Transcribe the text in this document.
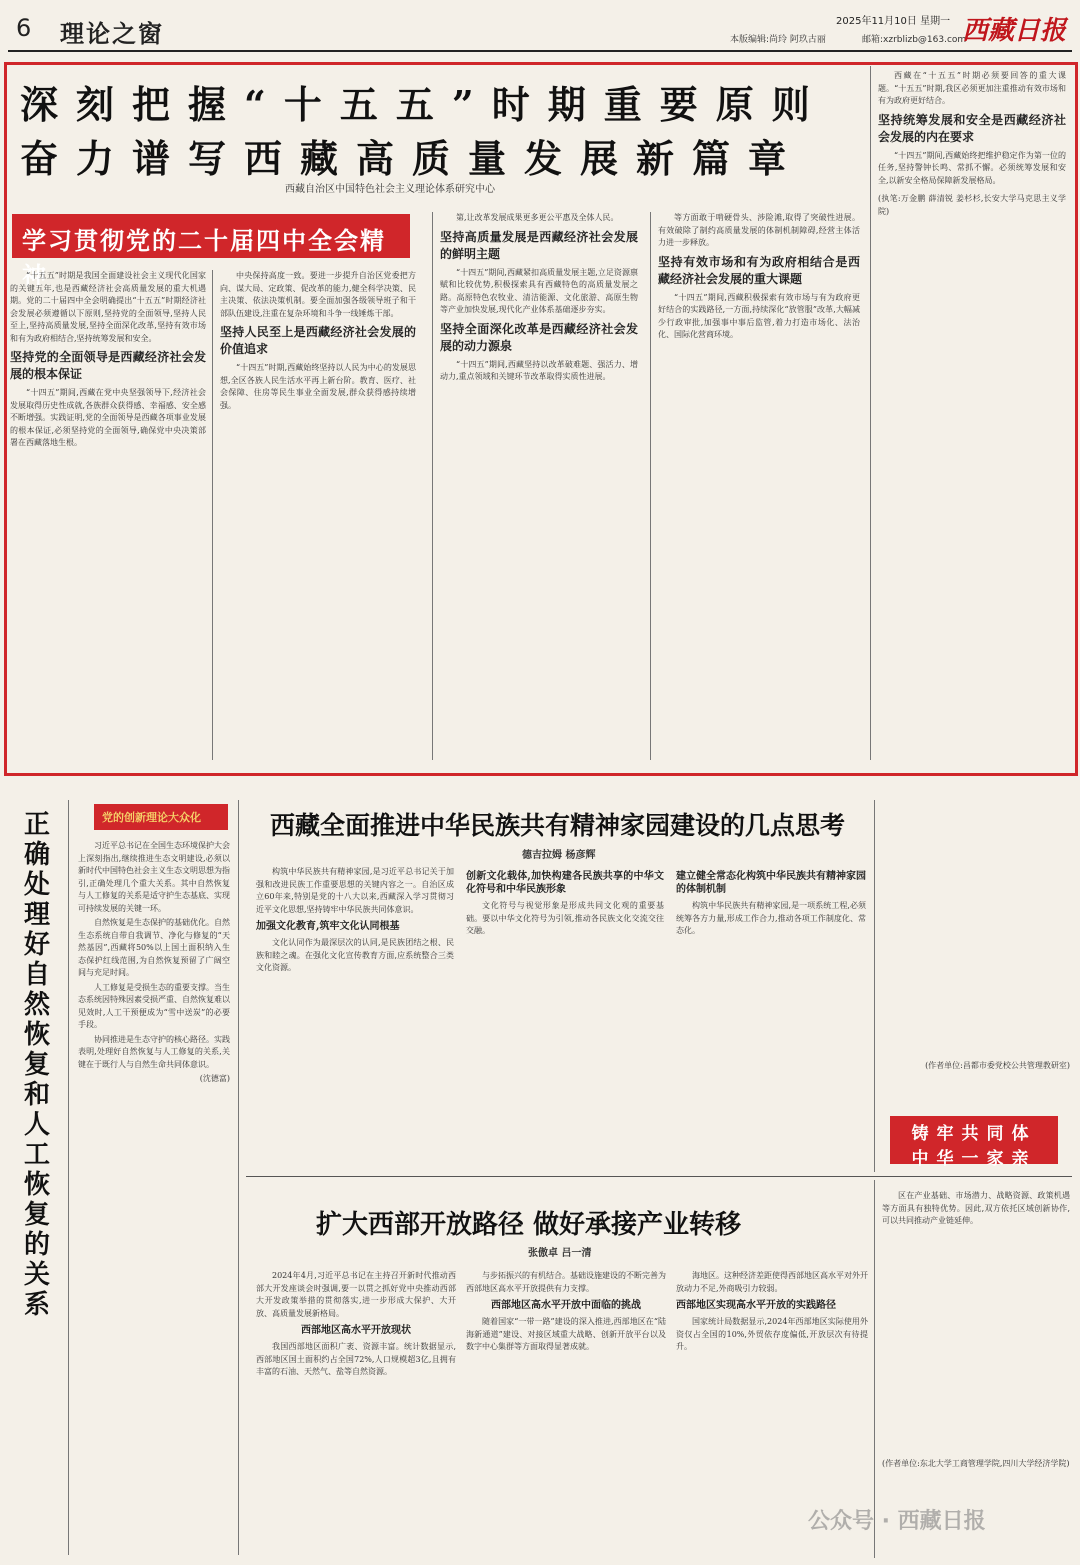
6 理论之窗	2025年11月10日 星期一
本版编辑:尚玲 阿玖古丽	邮箱:xzrblizb@163.com
西藏日报
深刻把握“十五五”时期重要原则
奋力谱写西藏高质量发展新篇章
西藏自治区中国特色社会主义理论体系研究中心
学习贯彻党的二十届四中全会精神

“十五五”时期是我国全面建设社会主义现代化国家的关键五年,也是西藏经济社会高质量发展的重大机遇期。党的二十届四中全会明确提出“十五五”时期经济社会发展必须遵循以下原则,坚持党的全面领导,坚持人民至上,坚持高质量发展,坚持全面深化改革,坚持有效市场和有为政府相结合,坚持统筹发展和安全。

坚持党的全面领导是西藏经济社会发展的根本保证

“十四五”期间,西藏在党中央坚强领导下,经济社会发展取得历史性成就,各族群众获得感、幸福感、安全感不断增强。实践证明,党的全面领导是西藏各项事业发展的根本保证,必须坚持党的全面领导,确保党中央决策部署在西藏落地生根。

中央保持高度一致。要进一步提升自治区党委把方向、谋大局、定政策、促改革的能力,健全科学决策、民主决策、依法决策机制。要全面加强各级领导班子和干部队伍建设,注重在复杂环境和斗争一线锤炼干部。

坚持人民至上是西藏经济社会发展的价值追求

“十四五”时期,西藏始终坚持以人民为中心的发展思想,全区各族人民生活水平再上新台阶。教育、医疗、社会保障、住房等民生事业全面发展,群众获得感持续增强。

第,让改革发展成果更多更公平惠及全体人民。

坚持高质量发展是西藏经济社会发展的鲜明主题

“十四五”期间,西藏紧扣高质量发展主题,立足资源禀赋和比较优势,积极探索具有西藏特色的高质量发展之路。高原特色农牧业、清洁能源、文化旅游、高原生物等产业加快发展,现代化产业体系基础逐步夯实。

坚持全面深化改革是西藏经济社会发展的动力源泉

“十四五”期间,西藏坚持以改革破难题、强活力、增动力,重点领域和关键环节改革取得实质性进展。

等方面敢于啃硬骨头、涉险滩,取得了突破性进展。有效破除了制约高质量发展的体制机制障碍,经营主体活力进一步释放。

坚持有效市场和有为政府相结合是西藏经济社会发展的重大课题

“十四五”期间,西藏积极探索有效市场与有为政府更好结合的实践路径,一方面,持续深化“放管服”改革,大幅减少行政审批,加强事中事后监管,着力打造市场化、法治化、国际化营商环境。

西藏在“十五五”时期必须要回答的重大课题。“十五五”时期,我区必须更加注重推动有效市场和有为政府更好结合。

坚持统筹发展和安全是西藏经济社会发展的内在要求

“十四五”期间,西藏始终把维护稳定作为第一位的任务,坚持警钟长鸣、常抓不懈。必须统筹发展和安全,以新安全格局保障新发展格局。

(执笔:万金鹏 薛清锐 姜杉杉,长安大学马克思主义学院)

党的创新理论大众化
正确处理好自然恢复和人工恢复的关系

习近平总书记在全国生态环境保护大会上深刻指出,继续推进生态文明建设,必须以新时代中国特色社会主义生态文明思想为指引,正确处理几个重大关系。其中自然恢复与人工修复的关系是适守护生态基底、实现可持续发展的关键一环。

自然恢复是生态保护的基础优化。自然生态系统自带自我调节、净化与修复的“天然基因”,西藏将50%以上国土面积纳入生态保护红线范围,为自然恢复预留了广阔空间与充足时间。

人工修复是受损生态的重要支撑。当生态系统因特殊因素受损严重、自然恢复难以见效时,人工干预便成为“雪中送炭”的必要手段。

协同推进是生态守护的核心路径。实践表明,处理好自然恢复与人工修复的关系,关键在于既行人与自然生命共同体意识。

(沈德富)

西藏全面推进中华民族共有精神家园建设的几点思考
德吉拉姆 杨彦辉

构筑中华民族共有精神家园,是习近平总书记关于加强和改进民族工作重要思想的关键内容之一。自治区成立60年来,特别是党的十八大以来,西藏深入学习贯彻习近平文化思想,坚持铸牢中华民族共同体意识。

加强文化教育,筑牢文化认同根基

文化认同作为最深层次的认同,是民族团结之根、民族和睦之魂。在强化文化宣传教育方面,应系统整合三类文化资源。

创新文化载体,加快构建各民族共享的中华文化符号和中华民族形象

文化符号与视觉形象是形成共同文化观的重要基础。要以中华文化符号为引领,推动各民族文化交流交往交融。

建立健全常态化构筑中华民族共有精神家园的体制机制

构筑中华民族共有精神家园,是一项系统工程,必须统筹各方力量,形成工作合力,推动各项工作制度化、常态化。

(作者单位:昌都市委党校公共管理教研室)

铸牢共同体
中华一家亲
扩大西部开放路径 做好承接产业转移
张傲卓 吕一清

2024年4月,习近平总书记在主持召开新时代推动西部大开发座谈会时强调,要一以贯之抓好党中央推动西部大开发政策举措的贯彻落实,进一步形成大保护、大开放、高质量发展新格局。

西部地区高水平开放现状

我国西部地区面积广袤、资源丰富。统计数据显示,西部地区国土面积约占全国72%,人口规模超3亿,且拥有丰富的石油、天然气、盐等自然资源。

与步拓振兴的有机结合。基础设施建设的不断完善为西部地区高水平开放提供有力支撑。

西部地区高水平开放中面临的挑战

随着国家“一带一路”建设的深入推进,西部地区在“陆海新通道”建设、对接区域重大战略、创新开放平台以及数字中心集群等方面取得显著成就。

海地区。这种经济差距使得西部地区高水平对外开放动力不足,外商吸引力较弱。

西部地区实现高水平开放的实践路径

国家统计局数据显示,2024年西部地区实际使用外资仅占全国的10%,外贸依存度偏低,开放层次有待提升。

区在产业基础、市场潜力、战略资源、政策机遇等方面具有独特优势。因此,双方依托区域创新协作,可以共同推动产业链延伸。

(作者单位:东北大学工商管理学院,四川大学经济学院)

公众号 · 西藏日报
